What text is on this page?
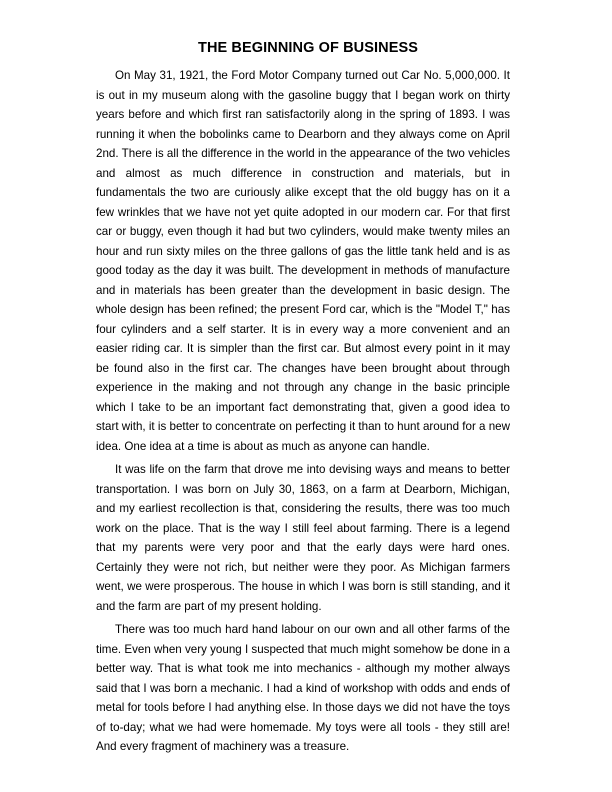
THE BEGINNING OF BUSINESS

On May 31, 1921, the Ford Motor Company turned out Car No. 5,000,000. It is out in my museum along with the gasoline buggy that I began work on thirty years before and which first ran satisfactorily along in the spring of 1893. I was running it when the bobolinks came to Dearborn and they always come on April 2nd. There is all the difference in the world in the appearance of the two vehicles and almost as much difference in construction and materials, but in fundamentals the two are curiously alike except that the old buggy has on it a few wrinkles that we have not yet quite adopted in our modern car. For that first car or buggy, even though it had but two cylinders, would make twenty miles an hour and run sixty miles on the three gallons of gas the little tank held and is as good today as the day it was built. The development in methods of manufacture and in materials has been greater than the development in basic design. The whole design has been refined; the present Ford car, which is the "Model T," has four cylinders and a self starter. It is in every way a more convenient and an easier riding car. It is simpler than the first car. But almost every point in it may be found also in the first car. The changes have been brought about through experience in the making and not through any change in the basic principle which I take to be an important fact demonstrating that, given a good idea to start with, it is better to concentrate on perfecting it than to hunt around for a new idea. One idea at a time is about as much as anyone can handle.

It was life on the farm that drove me into devising ways and means to better transportation. I was born on July 30, 1863, on a farm at Dearborn, Michigan, and my earliest recollection is that, considering the results, there was too much work on the place. That is the way I still feel about farming. There is a legend that my parents were very poor and that the early days were hard ones. Certainly they were not rich, but neither were they poor. As Michigan farmers went, we were prosperous. The house in which I was born is still standing, and it and the farm are part of my present holding.

There was too much hard hand labour on our own and all other farms of the time. Even when very young I suspected that much might somehow be done in a better way. That is what took me into mechanics - although my mother always said that I was born a mechanic. I had a kind of workshop with odds and ends of metal for tools before I had anything else. In those days we did not have the toys of to-day; what we had were homemade. My toys were all tools - they still are! And every fragment of machinery was a treasure.
